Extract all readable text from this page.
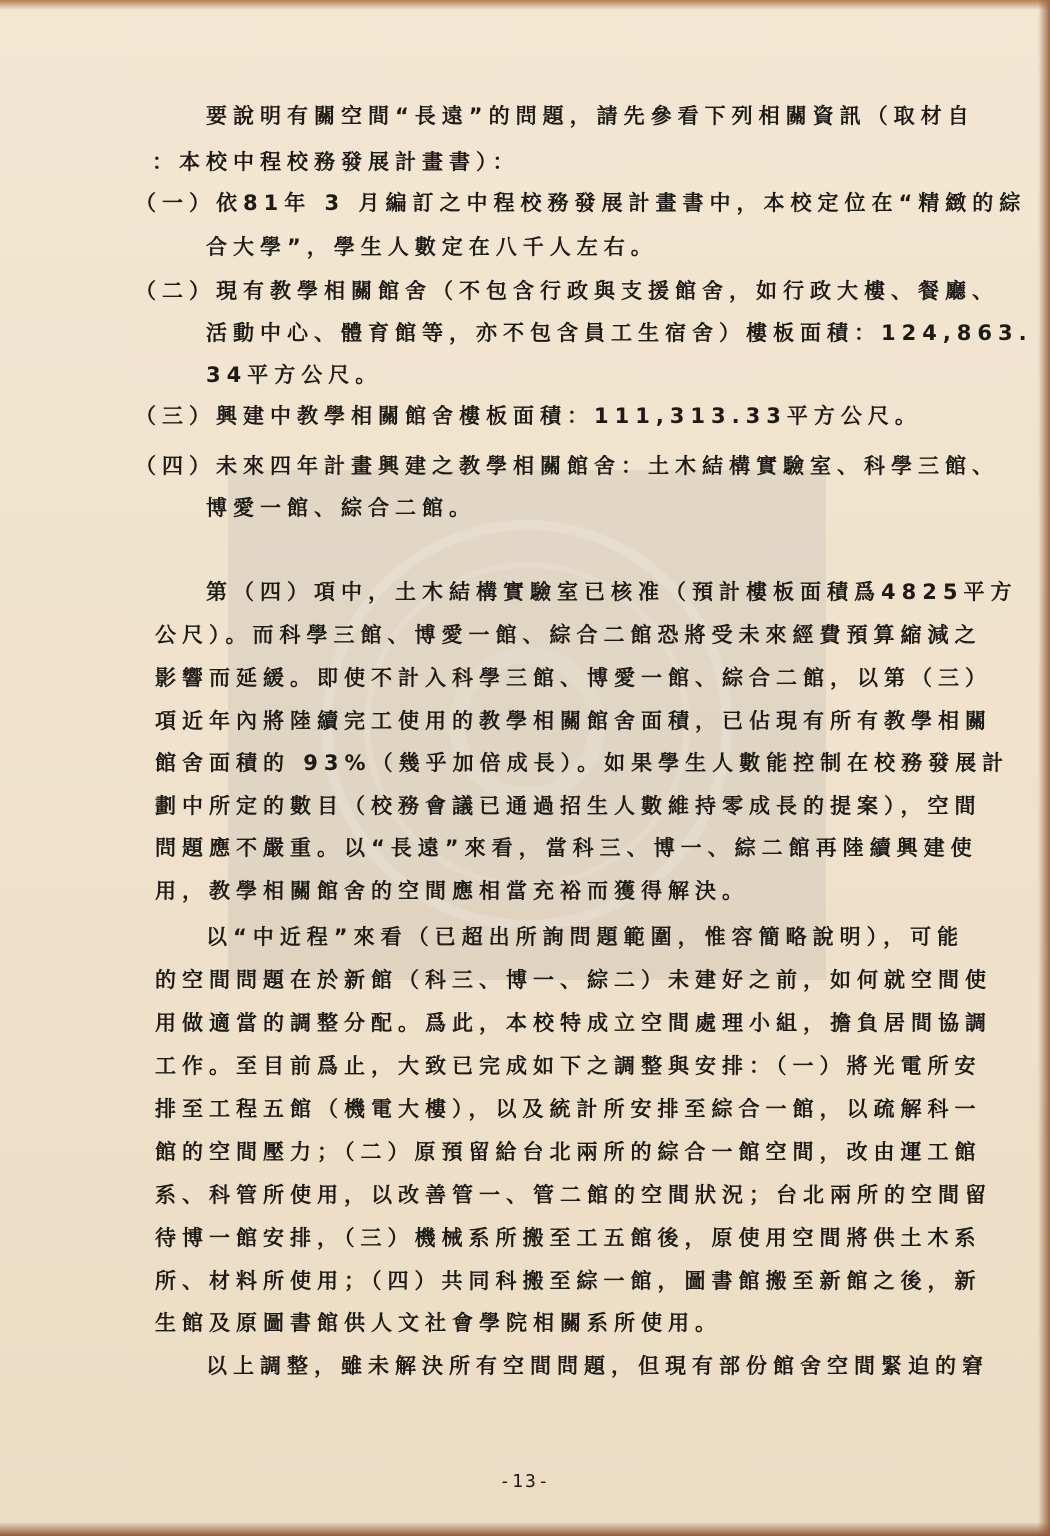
要說明有關空間“長遠”的問題，請先參看下列相關資訊（取材自

：本校中程校務發展計畫書）：

（一）依81年 3 月編訂之中程校務發展計畫書中，本校定位在“精緻的綜

合大學”，學生人數定在八千人左右。

（二）現有教學相關館舍（不包含行政與支援館舍，如行政大樓、餐廳、

活動中心、體育館等，亦不包含員工生宿舍）樓板面積：124,863.

34平方公尺。

（三）興建中教學相關館舍樓板面積：111,313.33平方公尺。

（四）未來四年計畫興建之教學相關館舍：土木結構實驗室、科學三館、

博愛一館、綜合二館。

第（四）項中，土木結構實驗室已核准（預計樓板面積爲4825平方

公尺）。而科學三館、博愛一館、綜合二館恐將受未來經費預算縮減之

影響而延緩。即使不計入科學三館、博愛一館、綜合二館，以第（三）

項近年內將陸續完工使用的教學相關館舍面積，已佔現有所有教學相關

館舍面積的 93%（幾乎加倍成長）。如果學生人數能控制在校務發展計

劃中所定的數目（校務會議已通過招生人數維持零成長的提案），空間

問題應不嚴重。以“長遠”來看，當科三、博一、綜二館再陸續興建使

用，教學相關館舍的空間應相當充裕而獲得解決。

以“中近程”來看（已超出所詢問題範圍，惟容簡略說明），可能

的空間問題在於新館（科三、博一、綜二）未建好之前，如何就空間使

用做適當的調整分配。爲此，本校特成立空間處理小組，擔負居間協調

工作。至目前爲止，大致已完成如下之調整與安排：（一）將光電所安

排至工程五館（機電大樓），以及統計所安排至綜合一館，以疏解科一

館的空間壓力；（二）原預留給台北兩所的綜合一館空間，改由運工館

系、科管所使用，以改善管一、管二館的空間狀況；台北兩所的空間留

待博一館安排，（三）機械系所搬至工五館後，原使用空間將供土木系

所、材料所使用；（四）共同科搬至綜一館，圖書館搬至新館之後，新

生館及原圖書館供人文社會學院相關系所使用。

以上調整，雖未解決所有空間問題，但現有部份館舍空間緊迫的窘

-13-
